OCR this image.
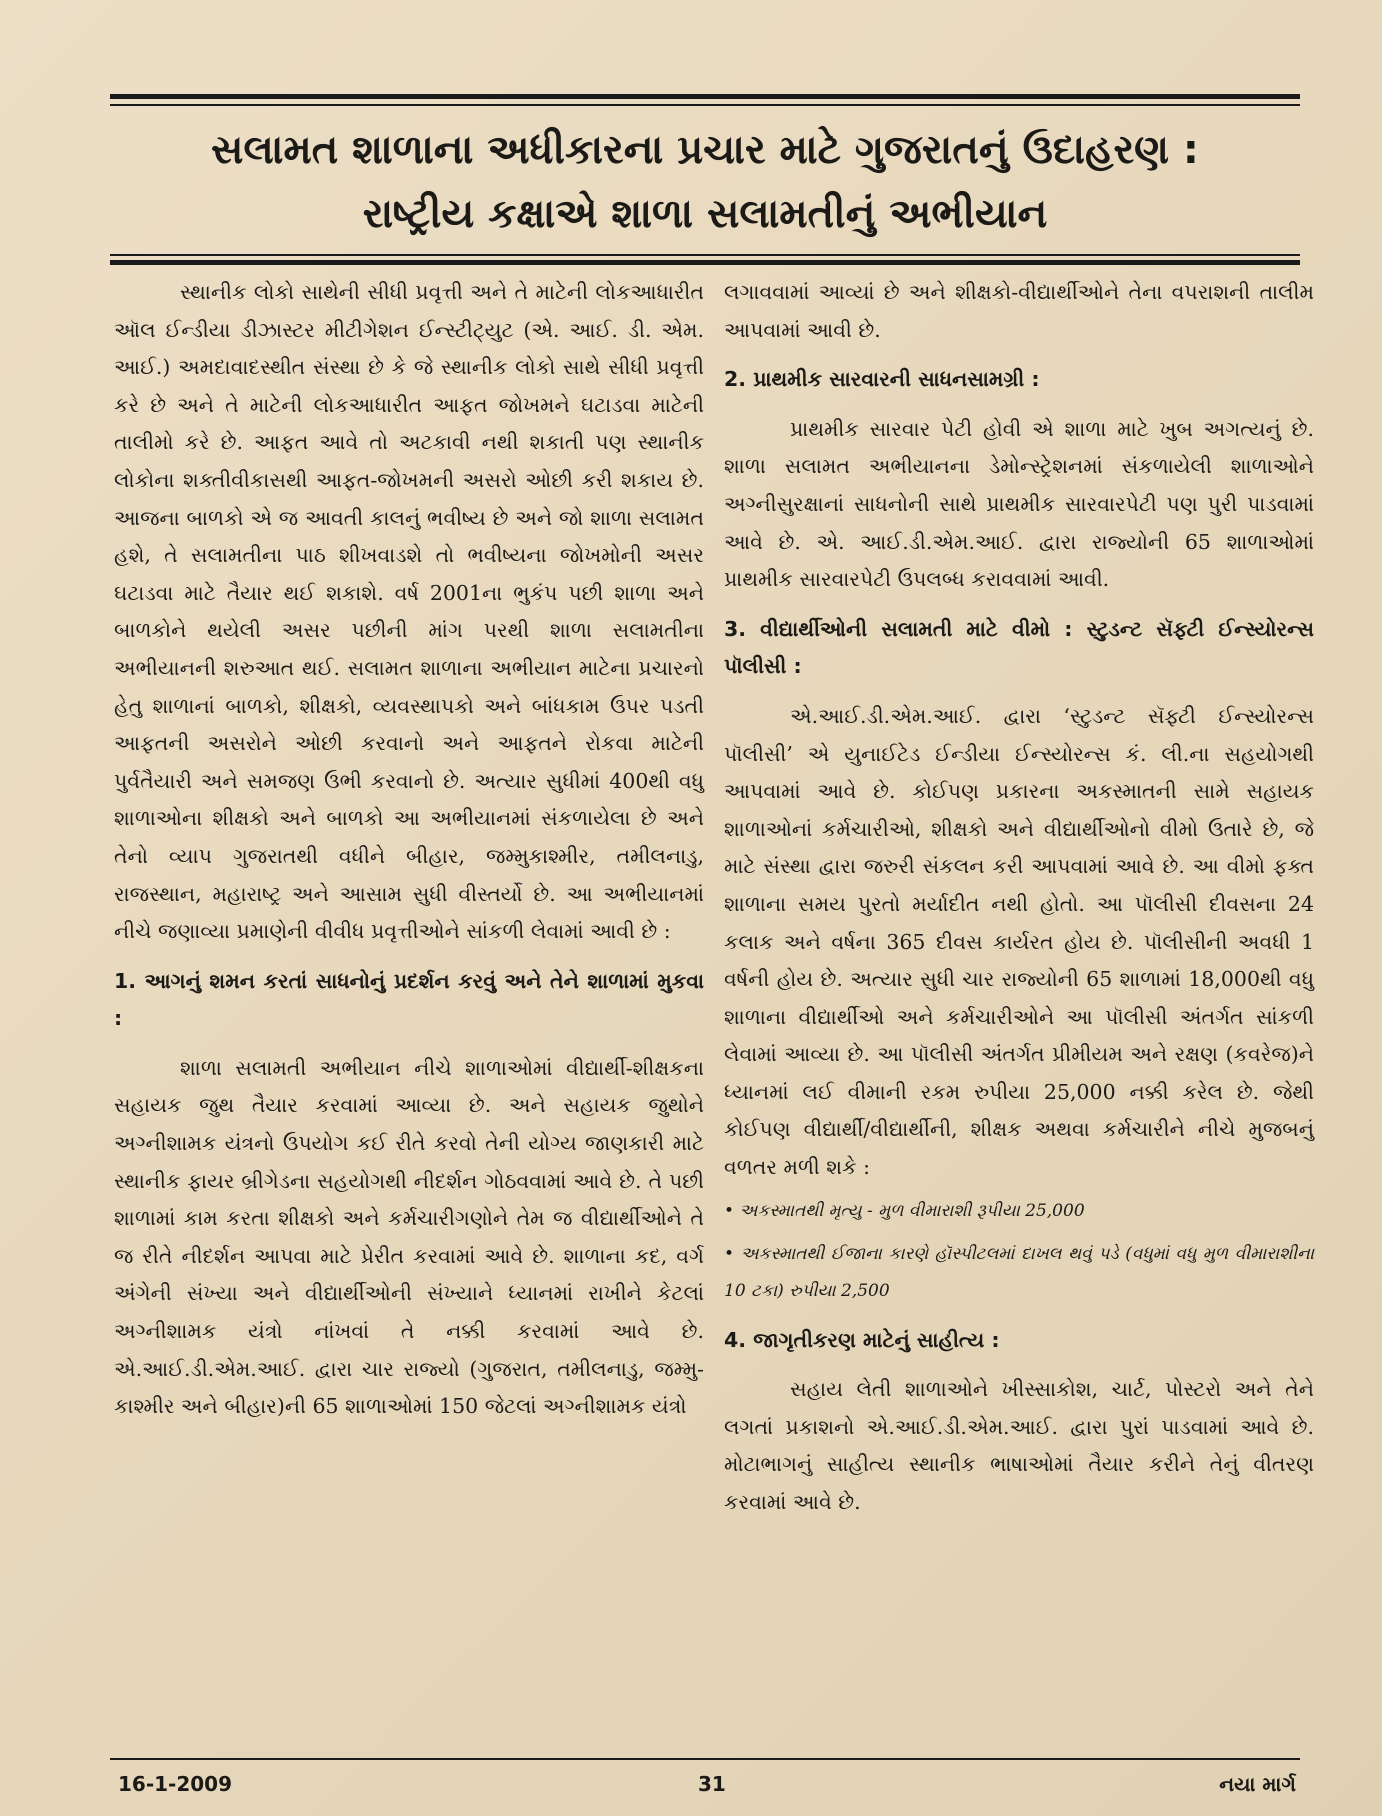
સલામત શાળાના અધીકારના પ્રચાર માટે ગુજરાતનું ઉદાહરણ :
રાષ્ટ્રીય કક્ષાએ શાળા સલામતીનું અભીયાન

સ્થાનીક લોકો સાથેની સીધી પ્રવૃત્તી અને તે માટેની લોકઆધારીત ઑલ ઈન્ડીયા ડીઝાસ્ટર મીટીગેશન ઈન્સ્ટીટ્યુટ (એ. આઈ. ડી. એમ. આઈ.) અમદાવાદસ્થીત સંસ્થા છે કે જે સ્થાનીક લોકો સાથે સીધી પ્રવૃત્તી કરે છે અને તે માટેની લોકઆધારીત આફત જોખમને ઘટાડવા માટેની તાલીમો કરે છે. આફત આવે તો અટકાવી નથી શકાતી પણ સ્થાનીક લોકોના શક્તીવીકાસથી આફત-જોખમની અસરો ઓછી કરી શકાય છે. આજના બાળકો એ જ આવતી કાલનું ભવીષ્ય છે અને જો શાળા સલામત હશે, તે સલામતીના પાઠ શીખવાડશે તો ભવીષ્યના જોખમોની અસર ઘટાડવા માટે તૈયાર થઈ શકાશે. વર્ષ 2001ના ભુકંપ પછી શાળા અને બાળકોને થયેલી અસર પછીની માંગ પરથી શાળા સલામતીના અભીયાનની શરુઆત થઈ. સલામત શાળાના અભીયાન માટેના પ્રચારનો હેતુ શાળાનાં બાળકો, શીક્ષકો, વ્યવસ્થાપકો અને બાંધકામ ઉપર પડતી આફતની અસરોને ઓછી કરવાનો અને આફતને રોકવા માટેની પુર્વતૈયારી અને સમજણ ઉભી કરવાનો છે. અત્યાર સુધીમાં 400થી વધુ શાળાઓના શીક્ષકો અને બાળકો આ અભીયાનમાં સંકળાયેલા છે અને તેનો વ્યાપ ગુજરાતથી વધીને બીહાર, જમ્મુકાશ્મીર, તમીલનાડુ, રાજસ્થાન, મહારાષ્ટ્ર અને આસામ સુધી વીસ્તર્યો છે. આ અભીયાનમાં નીચે જણાવ્યા પ્રમાણેની વીવીધ પ્રવૃત્તીઓને સાંકળી લેવામાં આવી છે :

1. આગનું શમન કરતાં સાધનોનું પ્રદર્શન કરવું અને તેને શાળામાં મુકવા :

શાળા સલામતી અભીયાન નીચે શાળાઓમાં વીદ્યાર્થી-શીક્ષકના સહાયક જુથ તૈયાર કરવામાં આવ્યા છે. અને સહાયક જુથોને અગ્નીશામક યંત્રનો ઉપયોગ કઈ રીતે કરવો તેની યોગ્ય જાણકારી માટે સ્થાનીક ફાયર બ્રીગેડના સહયોગથી નીદર્શન ગોઠવવામાં આવે છે. તે પછી શાળામાં કામ કરતા શીક્ષકો અને કર્મચારીગણોને તેમ જ વીદ્યાર્થીઓને તે જ રીતે નીદર્શન આપવા માટે પ્રેરીત કરવામાં આવે છે. શાળાના કદ, વર્ગ અંગેની સંખ્યા અને વીદ્યાર્થીઓની સંખ્યાને ધ્યાનમાં રાખીને કેટલાં અગ્નીશામક યંત્રો નાંખવાં તે નક્કી કરવામાં આવે છે. એ.આઈ.ડી.એમ.આઈ. દ્વારા ચાર રાજ્યો (ગુજરાત, તમીલનાડુ, જમ્મુ-કાશ્મીર અને બીહાર)ની 65 શાળાઓમાં 150 જેટલાં અગ્નીશામક યંત્રો

લગાવવામાં આવ્યાં છે અને શીક્ષકો-વીદ્યાર્થીઓને તેના વપરાશની તાલીમ આપવામાં આવી છે.

2. પ્રાથમીક સારવારની સાધનસામગ્રી :

પ્રાથમીક સારવાર પેટી હોવી એ શાળા માટે ખુબ અગત્યનું છે. શાળા સલામત અભીયાનના ડેમોન્સ્ટ્રેશનમાં સંકળાયેલી શાળાઓને અગ્નીસુરક્ષાનાં સાધનોની સાથે પ્રાથમીક સારવારપેટી પણ પુરી પાડવામાં આવે છે. એ. આઈ.ડી.એમ.આઈ. દ્વારા રાજ્યોની 65 શાળાઓમાં પ્રાથમીક સારવારપેટી ઉપલબ્ધ કરાવવામાં આવી.

3. વીદ્યાર્થીઓની સલામતી માટે વીમો : સ્ટુડન્ટ સૅફ્ટી ઈન્સ્યોરન્સ પૉલીસી :

એ.આઈ.ડી.એમ.આઈ. દ્વારા ‘સ્ટુડન્ટ સૅફ્ટી ઈન્સ્યોરન્સ પૉલીસી’ એ યુનાઈટેડ ઈન્ડીયા ઈન્સ્યોરન્સ કં. લી.ના સહયોગથી આપવામાં આવે છે. કોઈપણ પ્રકારના અકસ્માતની સામે સહાયક શાળાઓનાં કર્મચારીઓ, શીક્ષકો અને વીદ્યાર્થીઓનો વીમો ઉતારે છે, જે માટે સંસ્થા દ્વારા જરુરી સંકલન કરી આપવામાં આવે છે. આ વીમો ફક્ત શાળાના સમય પુરતો મર્યાદીત નથી હોતો. આ પૉલીસી દીવસના 24 કલાક અને વર્ષના 365 દીવસ કાર્યરત હોય છે. પૉલીસીની અવધી 1 વર્ષની હોય છે. અત્યાર સુધી ચાર રાજ્યોની 65 શાળામાં 18,000થી વધુ શાળાના વીદ્યાર્થીઓ અને કર્મચારીઓને આ પૉલીસી અંતર્ગત સાંકળી લેવામાં આવ્યા છે. આ પૉલીસી અંતર્ગત પ્રીમીયમ અને રક્ષણ (કવરેજ)ને ધ્યાનમાં લઈ વીમાની રકમ રુપીયા 25,000 નક્કી કરેલ છે. જેથી કોઈપણ વીદ્યાર્થી/વીદ્યાર્થીની, શીક્ષક અથવા કર્મચારીને નીચે મુજબનું વળતર મળી શકે :

• અકસ્માતથી મૃત્યુ - મુળ વીમારાશી રૂપીયા 25,000
• અકસ્માતથી ઈજાના કારણે હૉસ્પીટલમાં દાખલ થવું પડે (વધુમાં વધુ મુળ વીમારાશીના 10 ટકા) રુપીયા 2,500
4. જાગૃતીકરણ માટેનું સાહીત્ય :

સહાય લેતી શાળાઓને ખીસ્સાકોશ, ચાર્ટ, પોસ્ટરો અને તેને લગતાં પ્રકાશનો એ.આઈ.ડી.એમ.આઈ. દ્વારા પુરાં પાડવામાં આવે છે. મોટાભાગનું સાહીત્ય સ્થાનીક ભાષાઓમાં તૈયાર કરીને તેનું વીતરણ કરવામાં આવે છે.

16-1-2009	31	નયા માર્ગ
